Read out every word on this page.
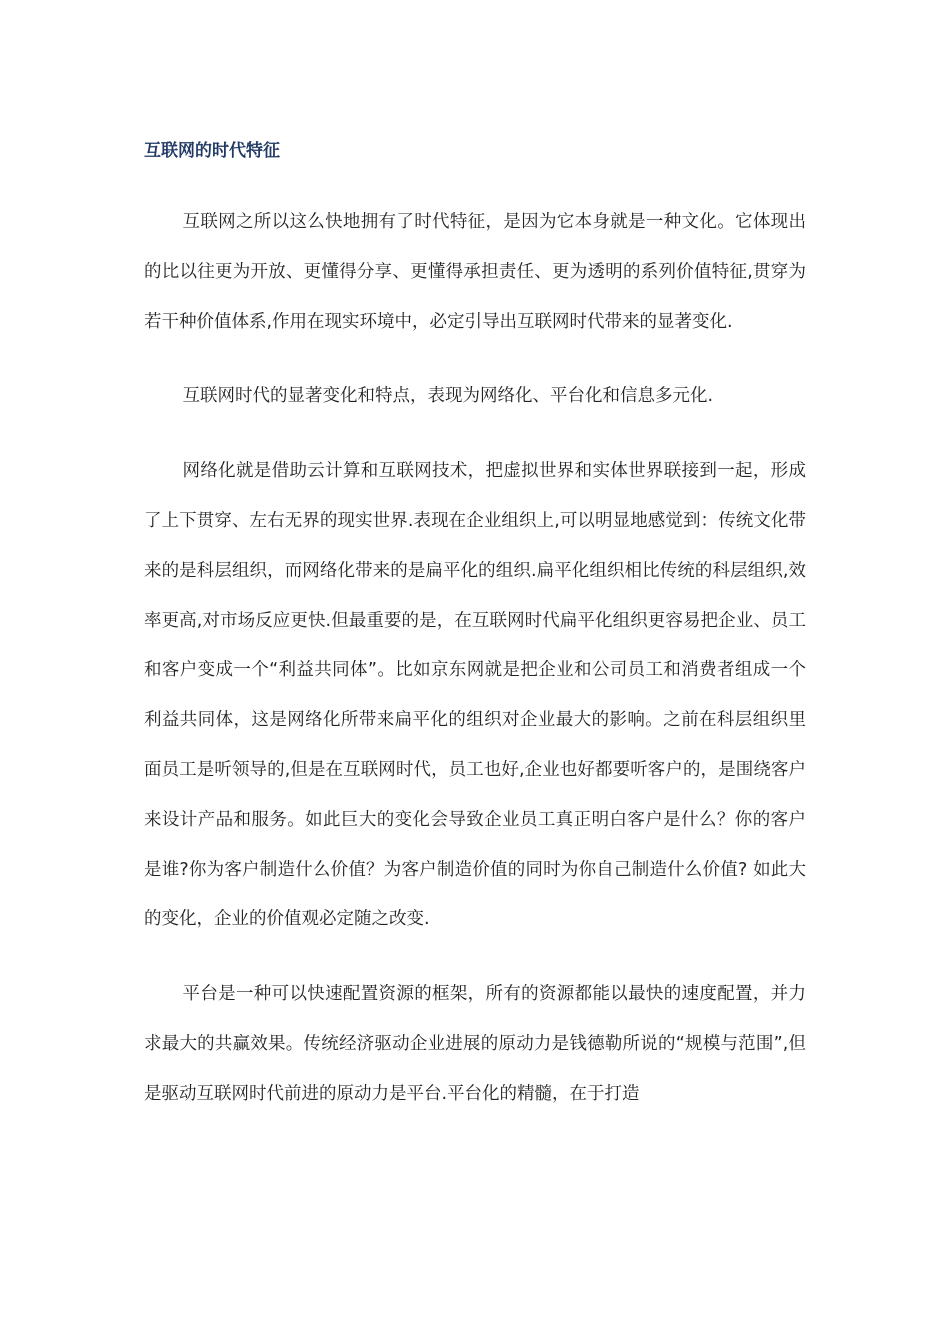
互联网的时代特征

互联网之所以这么快地拥有了时代特征，是因为它本身就是一种文化。它体现出的比以往更为开放、更懂得分享、更懂得承担责任、更为透明的系列价值特征,贯穿为若干种价值体系,作用在现实环境中，必定引导出互联网时代带来的显著变化.

互联网时代的显著变化和特点，表现为网络化、平台化和信息多元化.

网络化就是借助云计算和互联网技术，把虚拟世界和实体世界联接到一起，形成了上下贯穿、左右无界的现实世界.表现在企业组织上,可以明显地感觉到：传统文化带来的是科层组织，而网络化带来的是扁平化的组织.扁平化组织相比传统的科层组织,效率更高,对市场反应更快.但最重要的是，在互联网时代扁平化组织更容易把企业、员工和客户变成一个“利益共同体”。比如京东网就是把企业和公司员工和消费者组成一个利益共同体，这是网络化所带来扁平化的组织对企业最大的影响。之前在科层组织里面员工是听领导的,但是在互联网时代，员工也好,企业也好都要听客户的，是围绕客户来设计产品和服务。如此巨大的变化会导致企业员工真正明白客户是什么？你的客户是谁?你为客户制造什么价值？为客户制造价值的同时为你自己制造什么价值? 如此大的变化，企业的价值观必定随之改变.

平台是一种可以快速配置资源的框架，所有的资源都能以最快的速度配置，并力求最大的共赢效果。传统经济驱动企业进展的原动力是钱德勒所说的“规模与范围”,但是驱动互联网时代前进的原动力是平台.平台化的精髓，在于打造
